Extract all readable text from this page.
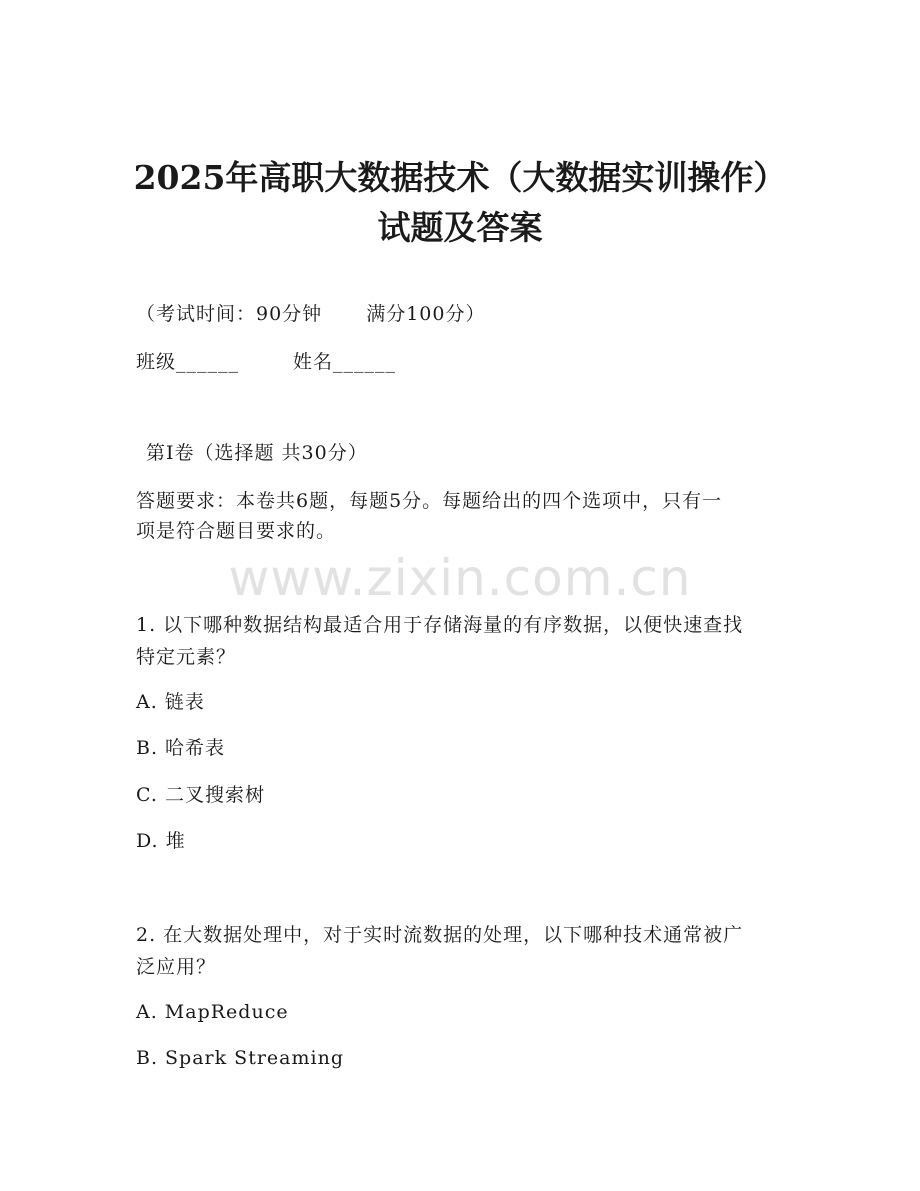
2025年高职大数据技术（大数据实训操作）
试题及答案
（考试时间：90分钟 满分100分）
班级______	姓名______
第I卷（选择题 共30分）
答题要求：本卷共6题，每题5分。每题给出的四个选项中，只有一
项是符合题目要求的。
www.zixin.com.cn
1. 以下哪种数据结构最适合用于存储海量的有序数据，以便快速查找
特定元素？
A. 链表
B. 哈希表
C. 二叉搜索树
D. 堆
2. 在大数据处理中，对于实时流数据的处理，以下哪种技术通常被广
泛应用？
A. MapReduce
B. Spark Streaming
